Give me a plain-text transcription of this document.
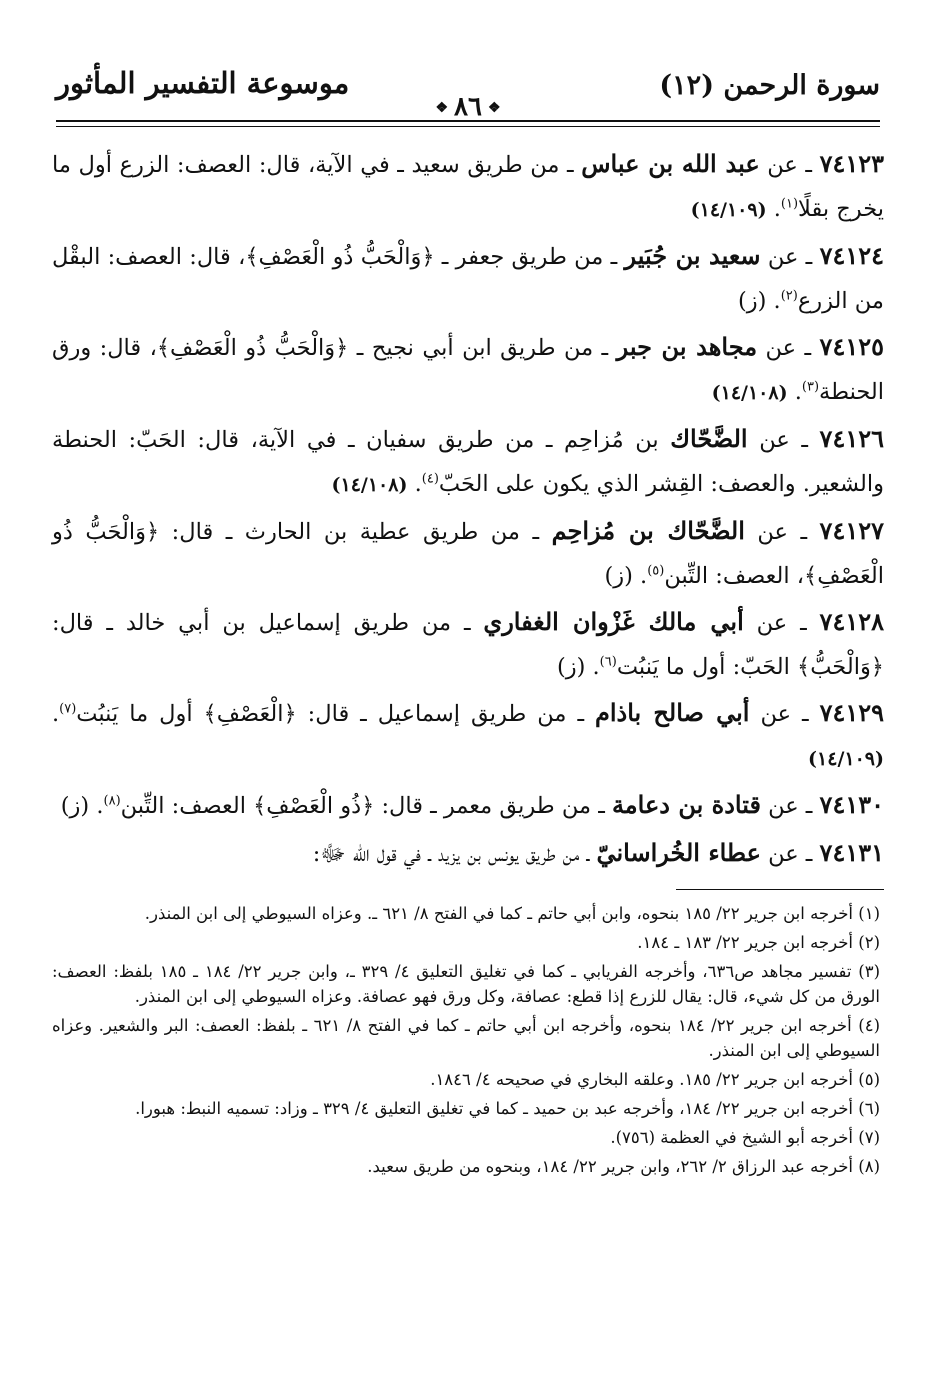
سورة الرحمن (١٢)
❖ ٨٦ ❖
موسوعة التفسير المأثور

٧٤١٢٣ ـ عن عبد الله بن عباس ـ من طريق سعيد ـ في الآية، قال: العصف: الزرع أول ما يخرج بقلًا$^{(١)}$. (١٤/١٠٩)

٧٤١٢٤ ـ عن سعيد بن جُبَير ـ من طريق جعفر ـ ﴿وَالْحَبُّ ذُو الْعَصْفِ﴾، قال: العصف: البقْل من الزرع$^{(٢)}$. (ز)

٧٤١٢٥ ـ عن مجاهد بن جبر ـ من طريق ابن أبي نجيح ـ ﴿وَالْحَبُّ ذُو الْعَصْفِ﴾، قال: ورق الحنطة$^{(٣)}$. (١٤/١٠٨)

٧٤١٢٦ ـ عن الضَّحّاك بن مُزاحِم ـ من طريق سفيان ـ في الآية، قال: الحَبّ: الحنطة والشعير. والعصف: القِشر الذي يكون على الحَبّ$^{(٤)}$. (١٤/١٠٨)

٧٤١٢٧ ـ عن الضَّحّاك بن مُزاحِم ـ من طريق عطية بن الحارث ـ قال: ﴿وَالْحَبُّ ذُو الْعَصْفِ﴾، العصف: التِّبن$^{(٥)}$. (ز)

٧٤١٢٨ ـ عن أبي مالك غَزْوان الغفاري ـ من طريق إسماعيل بن أبي خالد ـ قال: ﴿وَالْحَبُّ﴾ الحَبّ: أول ما يَنبُت$^{(٦)}$. (ز)

٧٤١٢٩ ـ عن أبي صالح باذام ـ من طريق إسماعيل ـ قال: ﴿الْعَصْفِ﴾ أول ما يَنبُت$^{(٧)}$. (١٤/١٠٩)

٧٤١٣٠ ـ عن قتادة بن دعامة ـ من طريق معمر ـ قال: ﴿ذُو الْعَصْفِ﴾ العصف: التِّبن$^{(٨)}$. (ز)

٧٤١٣١ ـ عن عطاء الخُراسانيّ ـ من طريق يونس بن يزيد ـ في قول الله ﷻ:

(١) أخرجه ابن جرير ٢٢/ ١٨٥ بنحوه، وابن أبي حاتم ـ كما في الفتح ٨/ ٦٢١ ـ. وعزاه السيوطي إلى ابن المنذر.

(٢) أخرجه ابن جرير ٢٢/ ١٨٣ ـ ١٨٤.

(٣) تفسير مجاهد ص٦٣٦، وأخرجه الفريابي ـ كما في تغليق التعليق ٤/ ٣٢٩ ـ، وابن جرير ٢٢/ ١٨٤ ـ ١٨٥ بلفظ: العصف: الورق من كل شيء، قال: يقال للزرع إذا قطع: عصافة، وكل ورق فهو عصافة. وعزاه السيوطي إلى ابن المنذر.

(٤) أخرجه ابن جرير ٢٢/ ١٨٤ بنحوه، وأخرجه ابن أبي حاتم ـ كما في الفتح ٨/ ٦٢١ ـ بلفظ: العصف: البر والشعير. وعزاه السيوطي إلى ابن المنذر.

(٥) أخرجه ابن جرير ٢٢/ ١٨٥. وعلقه البخاري في صحيحه ٤/ ١٨٤٦.

(٦) أخرجه ابن جرير ٢٢/ ١٨٤، وأخرجه عبد بن حميد ـ كما في تغليق التعليق ٤/ ٣٢٩ ـ وزاد: تسميه النبط: هبورا.

(٧) أخرجه أبو الشيخ في العظمة (٧٥٦).

(٨) أخرجه عبد الرزاق ٢/ ٢٦٢، وابن جرير ٢٢/ ١٨٤، وبنحوه من طريق سعيد.
